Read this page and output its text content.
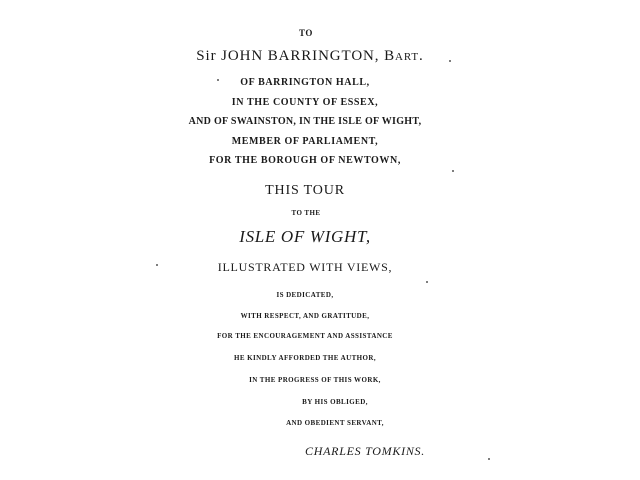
TO
Sir JOHN BARRINGTON, Bart.
OF BARRINGTON HALL,
IN THE COUNTY OF ESSEX,
AND OF SWAINSTON, IN THE ISLE OF WIGHT,
MEMBER OF PARLIAMENT,
FOR THE BOROUGH OF NEWTOWN,
THIS TOUR
TO THE
ISLE OF WIGHT,
ILLUSTRATED WITH VIEWS,
IS DEDICATED,
WITH RESPECT, AND GRATITUDE,
FOR THE ENCOURAGEMENT AND ASSISTANCE
HE KINDLY AFFORDED THE AUTHOR,
IN THE PROGRESS OF THIS WORK,
BY HIS OBLIGED,
AND OBEDIENT SERVANT,
CHARLES TOMKINS.
